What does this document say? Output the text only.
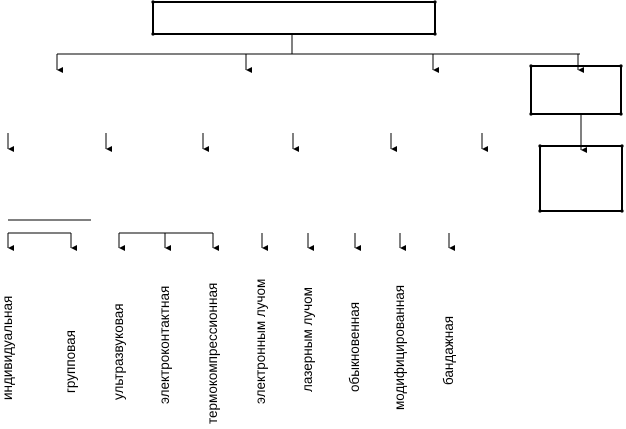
индивидуальная	групповая ультразвуковая электроконтактная термокомпрессионная электронным лучом лазерным лучом обыкновенная модифицированная	бандажная
